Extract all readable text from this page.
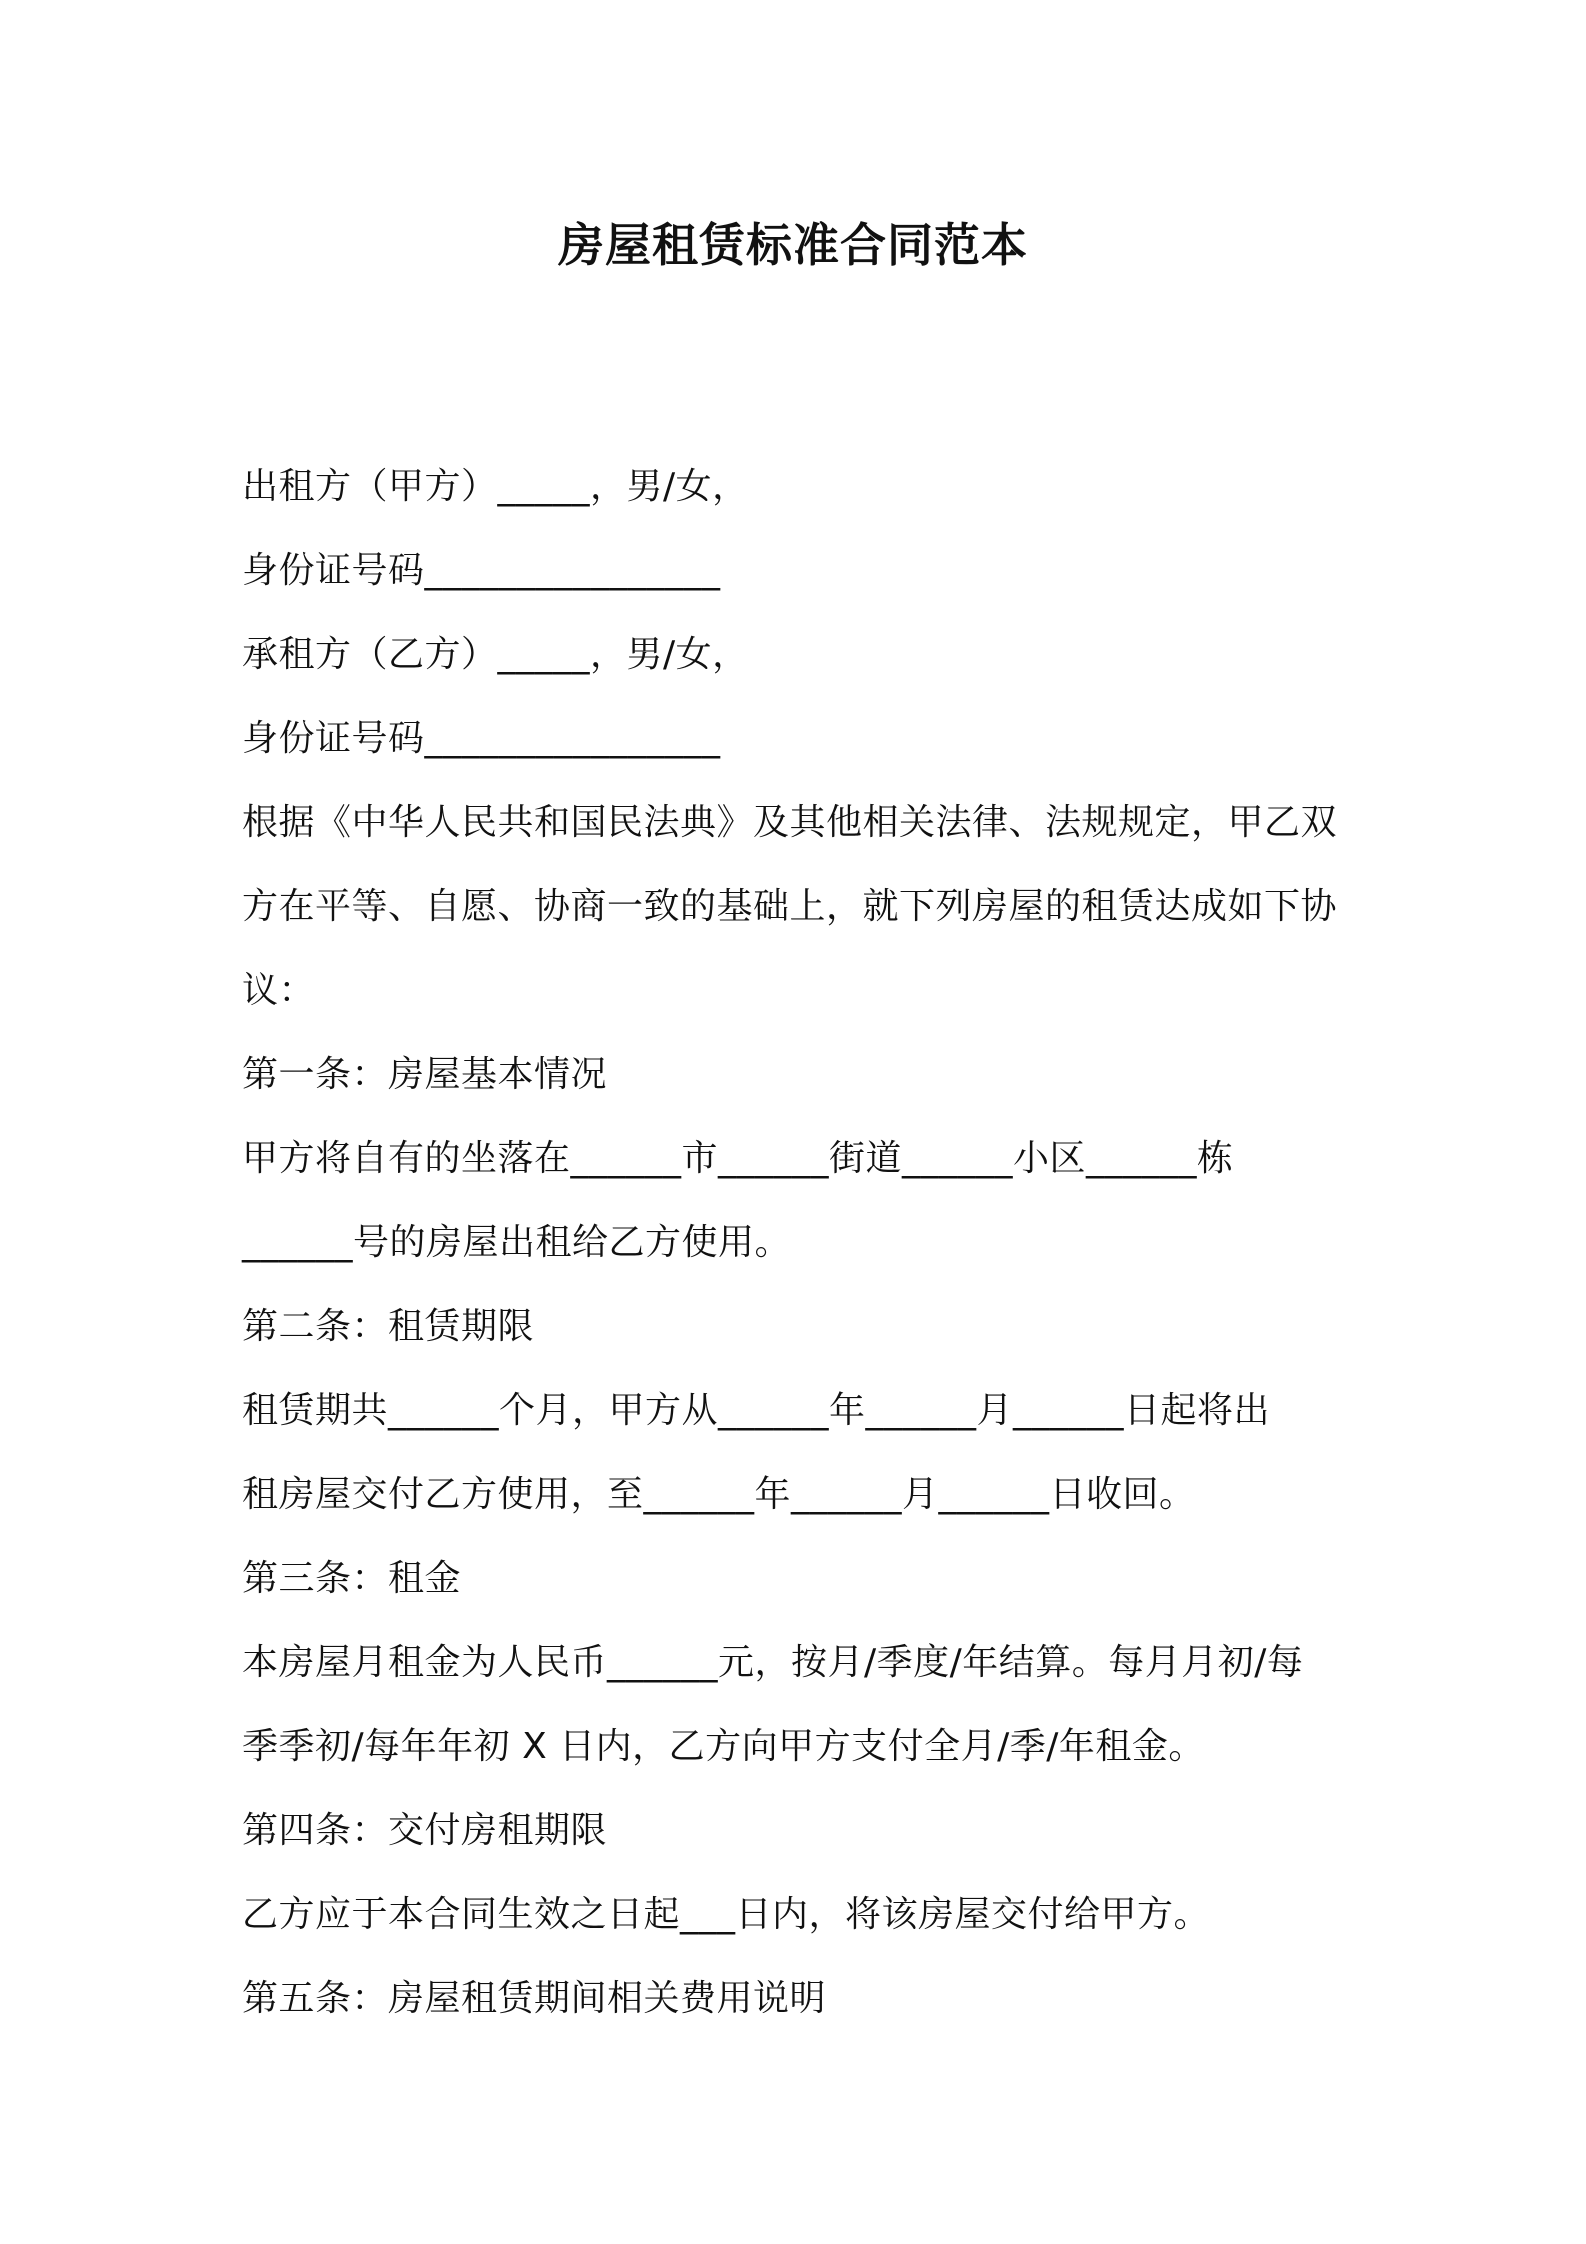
房屋租赁标准合同范本
出租方（甲方）_____，男/女，
身份证号码________________
承租方（乙方）_____，男/女，
身份证号码________________
根据《中华人民共和国民法典》及其他相关法律、法规规定，甲乙双
方在平等、自愿、协商一致的基础上，就下列房屋的租赁达成如下协
议：
第一条：房屋基本情况
甲方将自有的坐落在______市______街道______小区______栋
______号的房屋出租给乙方使用。
第二条：租赁期限
租赁期共______个月，甲方从______年______月______日起将出
租房屋交付乙方使用，至______年______月______日收回。
第三条：租金
本房屋月租金为人民币______元，按月/季度/年结算。每月月初/每
季季初/每年年初 X 日内，乙方向甲方支付全月/季/年租金。
第四条：交付房租期限
乙方应于本合同生效之日起___日内，将该房屋交付给甲方。
第五条：房屋租赁期间相关费用说明
